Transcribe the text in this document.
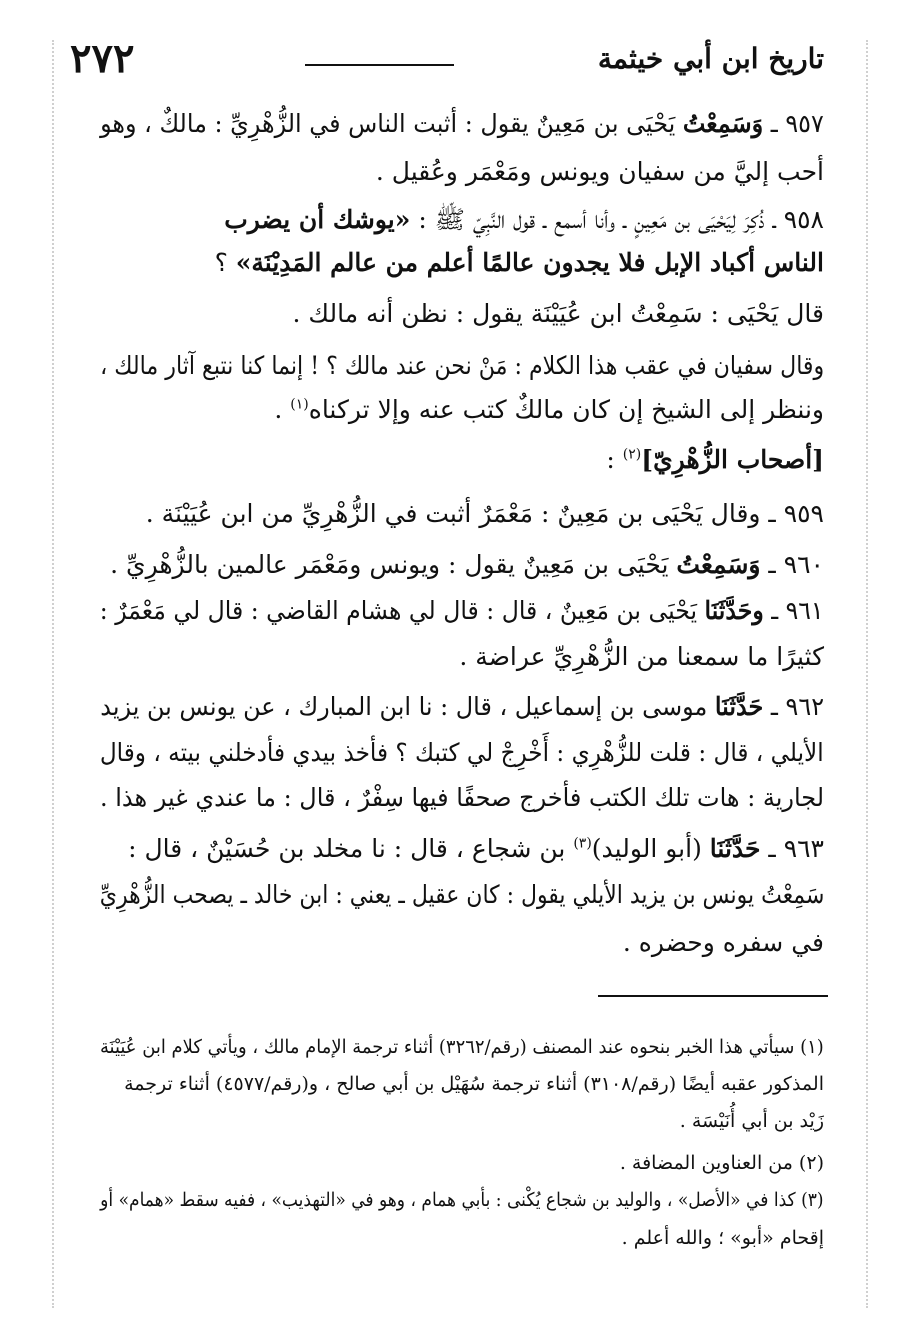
٢٧٢	تاريخ ابن أبي خيثمة
٩٥٧ ـ وَسَمِعْتُ يَحْيَى بن مَعِينٌ يقول : أثبت الناس في الزُّهْرِيِّ : مالكٌ ، وهو
أحب إليَّ من سفيان ويونس ومَعْمَر وعُقيل .
٩٥٨ ـ ذُكِرَ لِيَحْيَى بن مَعِينٍ ـ وأنا أسمع ـ قول النَّبِيّ ﷺ : «يوشك أن يضرب
الناس أكباد الإبل فلا يجدون عالمًا أعلم من عالم المَدِيْنَة» ؟
قال يَحْيَى : سَمِعْتُ ابن عُيَيْنَة يقول : نظن أنه مالك .
وقال سفيان في عقب هذا الكلام : مَنْ نحن عند مالك ؟ ! إنما كنا نتبع آثار مالك ،
وننظر إلى الشيخ إن كان مالكٌ كتب عنه وإلا تركناه$^{(١)}$ .
[أصحاب الزُّهْرِيّ]$^{(٢)}$ :
٩٥٩ ـ وقال يَحْيَى بن مَعِينٌ : مَعْمَرٌ أثبت في الزُّهْرِيِّ من ابن عُيَيْنَة .
٩٦٠ ـ وَسَمِعْتُ يَحْيَى بن مَعِينٌ يقول : ويونس ومَعْمَر عالمين بالزُّهْرِيِّ .
٩٦١ ـ وحَدَّثَنَا يَحْيَى بن مَعِينٌ ، قال : قال لي هشام القاضي : قال لي مَعْمَرٌ :
كثيرًا ما سمعنا من الزُّهْرِيِّ عراضة .
٩٦٢ ـ حَدَّثَنَا موسى بن إسماعيل ، قال : نا ابن المبارك ، عن يونس بن يزيد
الأيلي ، قال : قلت للزُّهْرِي : أَخْرِجْ لي كتبك ؟ فأخذ بيدي فأدخلني بيته ، وقال
لجارية : هات تلك الكتب فأخرج صحفًا فيها سِفْرٌ ، قال : ما عندي غير هذا .
٩٦٣ ـ حَدَّثَنَا (أبو الوليد)$^{(٣)}$ بن شجاع ، قال : نا مخلد بن حُسَيْنٌ ، قال :
سَمِعْتُ يونس بن يزيد الأيلي يقول : كان عقيل ـ يعني : ابن خالد ـ يصحب الزُّهْرِيِّ
في سفره وحضره .
(١) سيأتي هذا الخبر بنحوه عند المصنف (رقم/٣٢٦٢) أثناء ترجمة الإمام مالك ، ويأتي كلام ابن عُيَيْنَة
المذكور عقبه أيضًا (رقم/٣١٠٨) أثناء ترجمة سُهَيْل بن أبي صالح ، و(رقم/٤٥٧٧) أثناء ترجمة
زَيْد بن أبي أُنَيْسَة .
(٢) من العناوين المضافة .
(٣) كذا في «الأصل» ، والوليد بن شجاع يُكْنى : بأبي همام ، وهو في «التهذيب» ، ففيه سقط «همام» أو
إقحام «أبو» ؛ والله أعلم .
